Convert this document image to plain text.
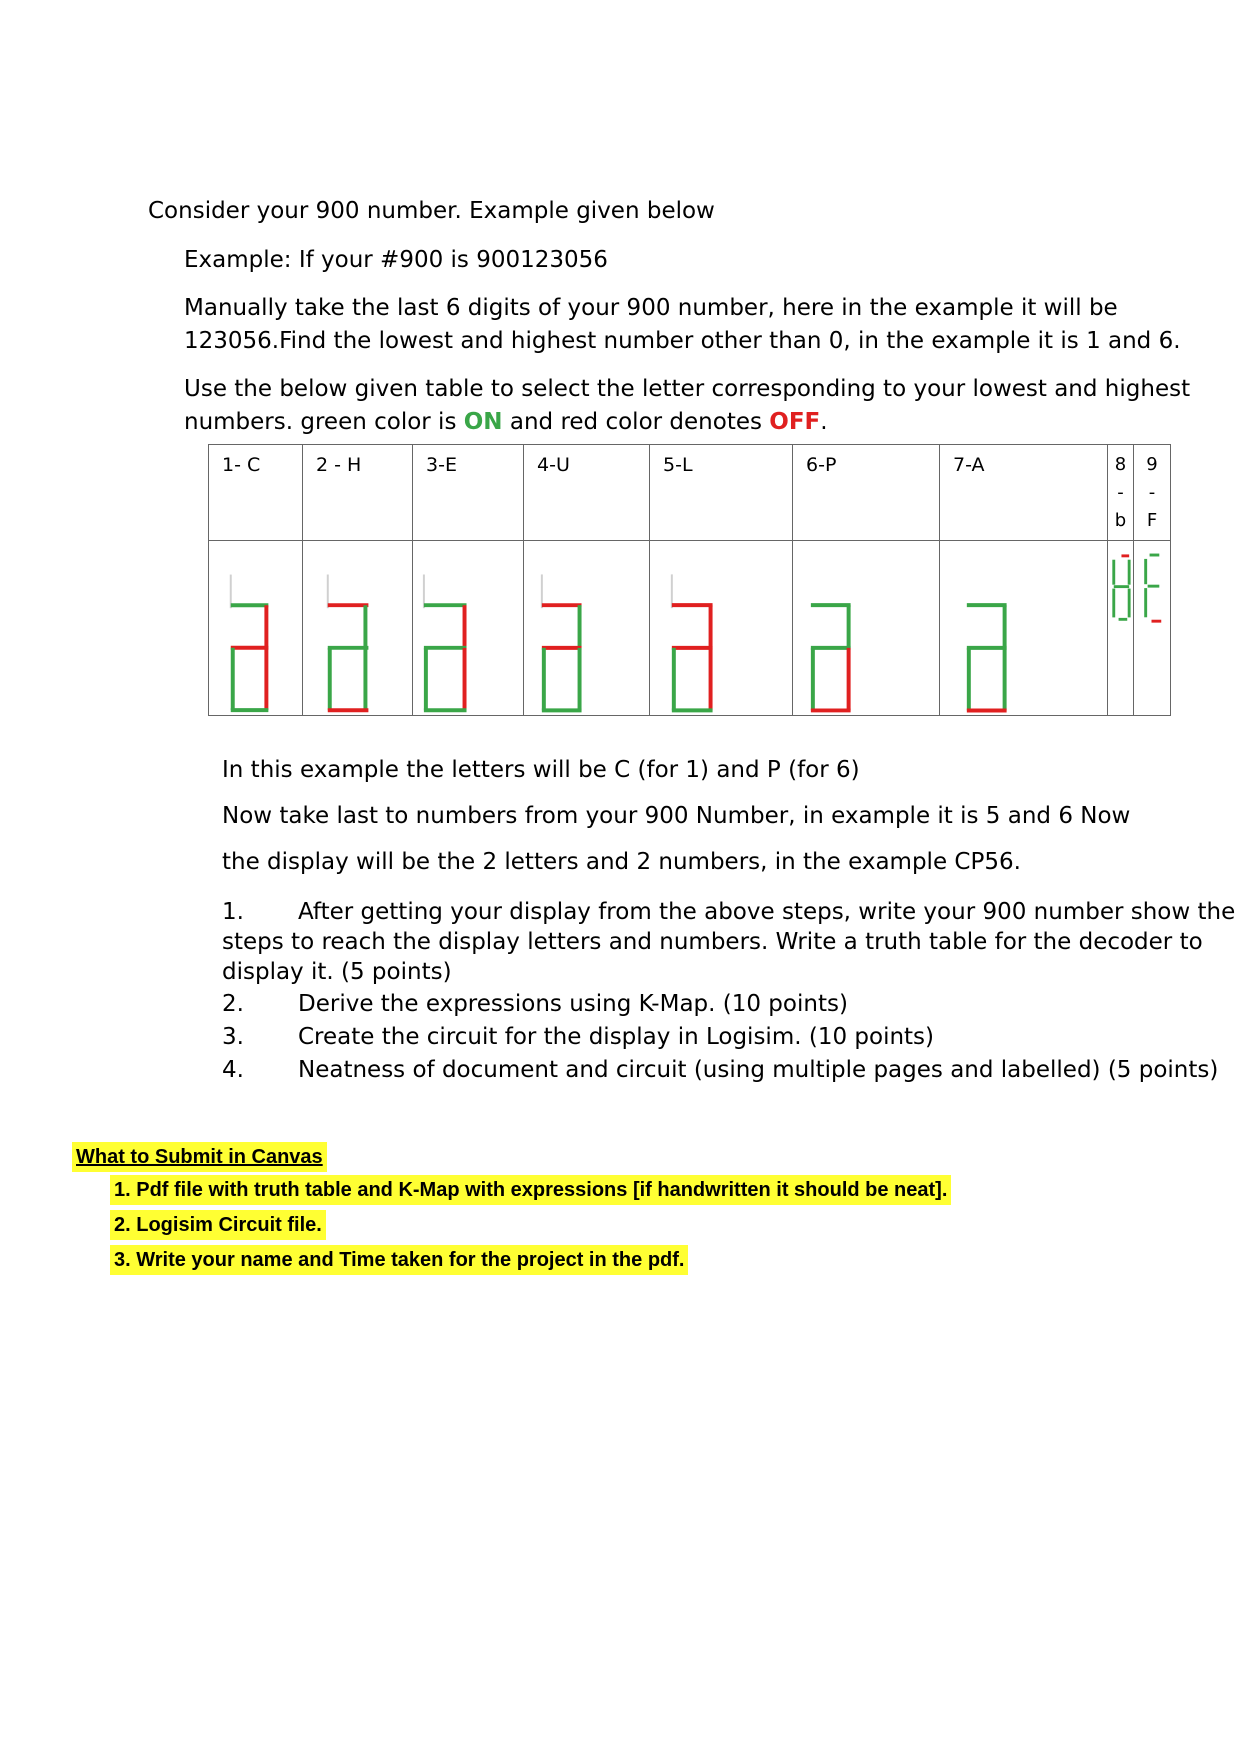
Consider your 900 number. Example given below

Example: If your #900 is 900123056

Manually take the last 6 digits of your 900 number, here in the example it will be

123056.Find the lowest and highest number other than 0, in the example it is 1 and 6.

Use the below given table to select the letter corresponding to your lowest and highest

numbers. green color is ON and red color denotes OFF.

1- C	2 - H	3-E	4-U	5-L	6-P	7-A	8
-
b	9
-
F

In this example the letters will be C (for 1) and P (for 6)

Now take last to numbers from your 900 Number, in example it is 5 and 6 Now

the display will be the 2 letters and 2 numbers, in the example CP56.

1. After getting your display from the above steps, write your 900 number show the

steps to reach the display letters and numbers. Write a truth table for the decoder to

display it. (5 points)

2. Derive the expressions using K-Map. (10 points)

3. Create the circuit for the display in Logisim. (10 points)

4. Neatness of document and circuit (using multiple pages and labelled) (5 points)

What to Submit in Canvas
1. Pdf file with truth table and K-Map with expressions [if handwritten it should be neat].
2. Logisim Circuit file.
3. Write your name and Time taken for the project in the pdf.
